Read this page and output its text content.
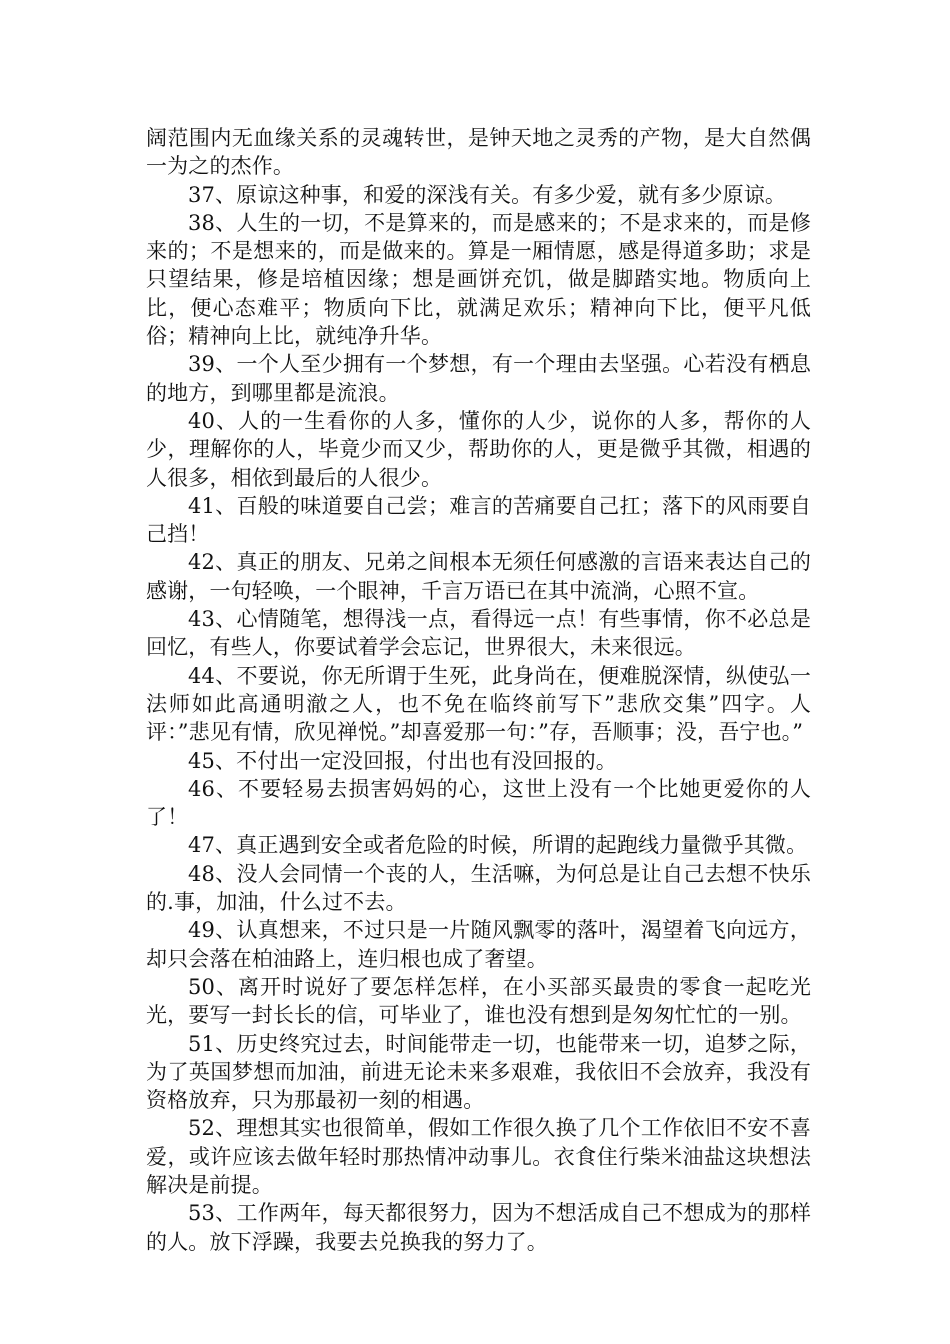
阔范围内无血缘关系的灵魂转世，是钟天地之灵秀的产物，是大自然偶一为之的杰作。

37、原谅这种事，和爱的深浅有关。有多少爱，就有多少原谅。

38、人生的一切，不是算来的，而是感来的；不是求来的，而是修来的；不是想来的，而是做来的。算是一厢情愿，感是得道多助；求是只望结果，修是培植因缘；想是画饼充饥，做是脚踏实地。物质向上比，便心态难平；物质向下比，就满足欢乐；精神向下比，便平凡低俗；精神向上比，就纯净升华。

39、一个人至少拥有一个梦想，有一个理由去坚强。心若没有栖息的地方，到哪里都是流浪。

40、人的一生看你的人多，懂你的人少，说你的人多，帮你的人少，理解你的人，毕竟少而又少，帮助你的人，更是微乎其微，相遇的人很多，相依到最后的人很少。

41、百般的味道要自己尝；难言的苦痛要自己扛；落下的风雨要自己挡！

42、真正的朋友、兄弟之间根本无须任何感激的言语来表达自己的感谢，一句轻唤，一个眼神，千言万语已在其中流淌，心照不宣。

43、心情随笔，想得浅一点，看得远一点！有些事情，你不必总是回忆，有些人，你要试着学会忘记，世界很大，未来很远。

44、不要说，你无所谓于生死，此身尚在，便难脱深情，纵使弘一法师如此高通明澈之人，也不免在临终前写下”悲欣交集”四字。人评：”悲见有情，欣见禅悦。”却喜爱那一句：”存，吾顺事；没，吾宁也。”

45、不付出一定没回报，付出也有没回报的。

46、不要轻易去损害妈妈的心，这世上没有一个比她更爱你的人了！

47、真正遇到安全或者危险的时候，所谓的起跑线力量微乎其微。

48、没人会同情一个丧的人，生活嘛，为何总是让自己去想不快乐的.事，加油，什么过不去。

49、认真想来，不过只是一片随风飘零的落叶，渴望着飞向远方，却只会落在柏油路上，连归根也成了奢望。

50、离开时说好了要怎样怎样，在小买部买最贵的零食一起吃光光，要写一封长长的信，可毕业了，谁也没有想到是匆匆忙忙的一别。

51、历史终究过去，时间能带走一切，也能带来一切，追梦之际，为了英国梦想而加油，前进无论未来多艰难，我依旧不会放弃，我没有资格放弃，只为那最初一刻的相遇。

52、理想其实也很简单，假如工作很久换了几个工作依旧不安不喜爱，或许应该去做年轻时那热情冲动事儿。衣食住行柴米油盐这块想法解决是前提。

53、工作两年，每天都很努力，因为不想活成自己不想成为的那样的人。放下浮躁，我要去兑换我的努力了。
